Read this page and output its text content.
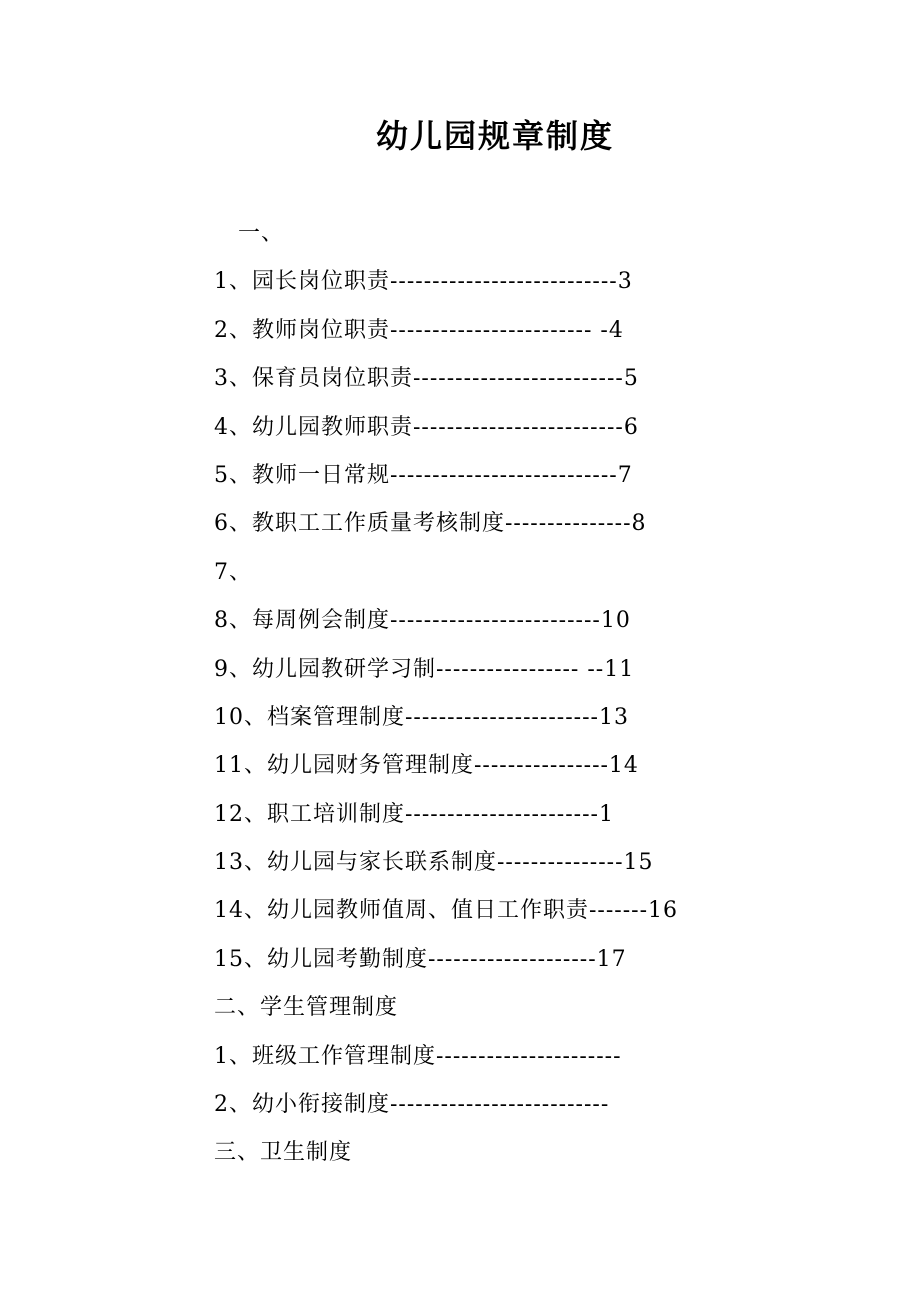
幼儿园规章制度
一、
1、园长岗位职责---------------------------3
2、教师岗位职责------------------------ -4
3、保育员岗位职责-------------------------5
4、幼儿园教师职责-------------------------6
5、教师一日常规---------------------------7
6、教职工工作质量考核制度---------------8
7、
8、每周例会制度-------------------------10
9、幼儿园教研学习制----------------- --11
10、档案管理制度-----------------------13
11、幼儿园财务管理制度----------------14
12、职工培训制度-----------------------1
13、幼儿园与家长联系制度---------------15
14、幼儿园教师值周、值日工作职责-------16
15、幼儿园考勤制度--------------------17
二、学生管理制度
1、班级工作管理制度----------------------
2、幼小衔接制度--------------------------
三、卫生制度
